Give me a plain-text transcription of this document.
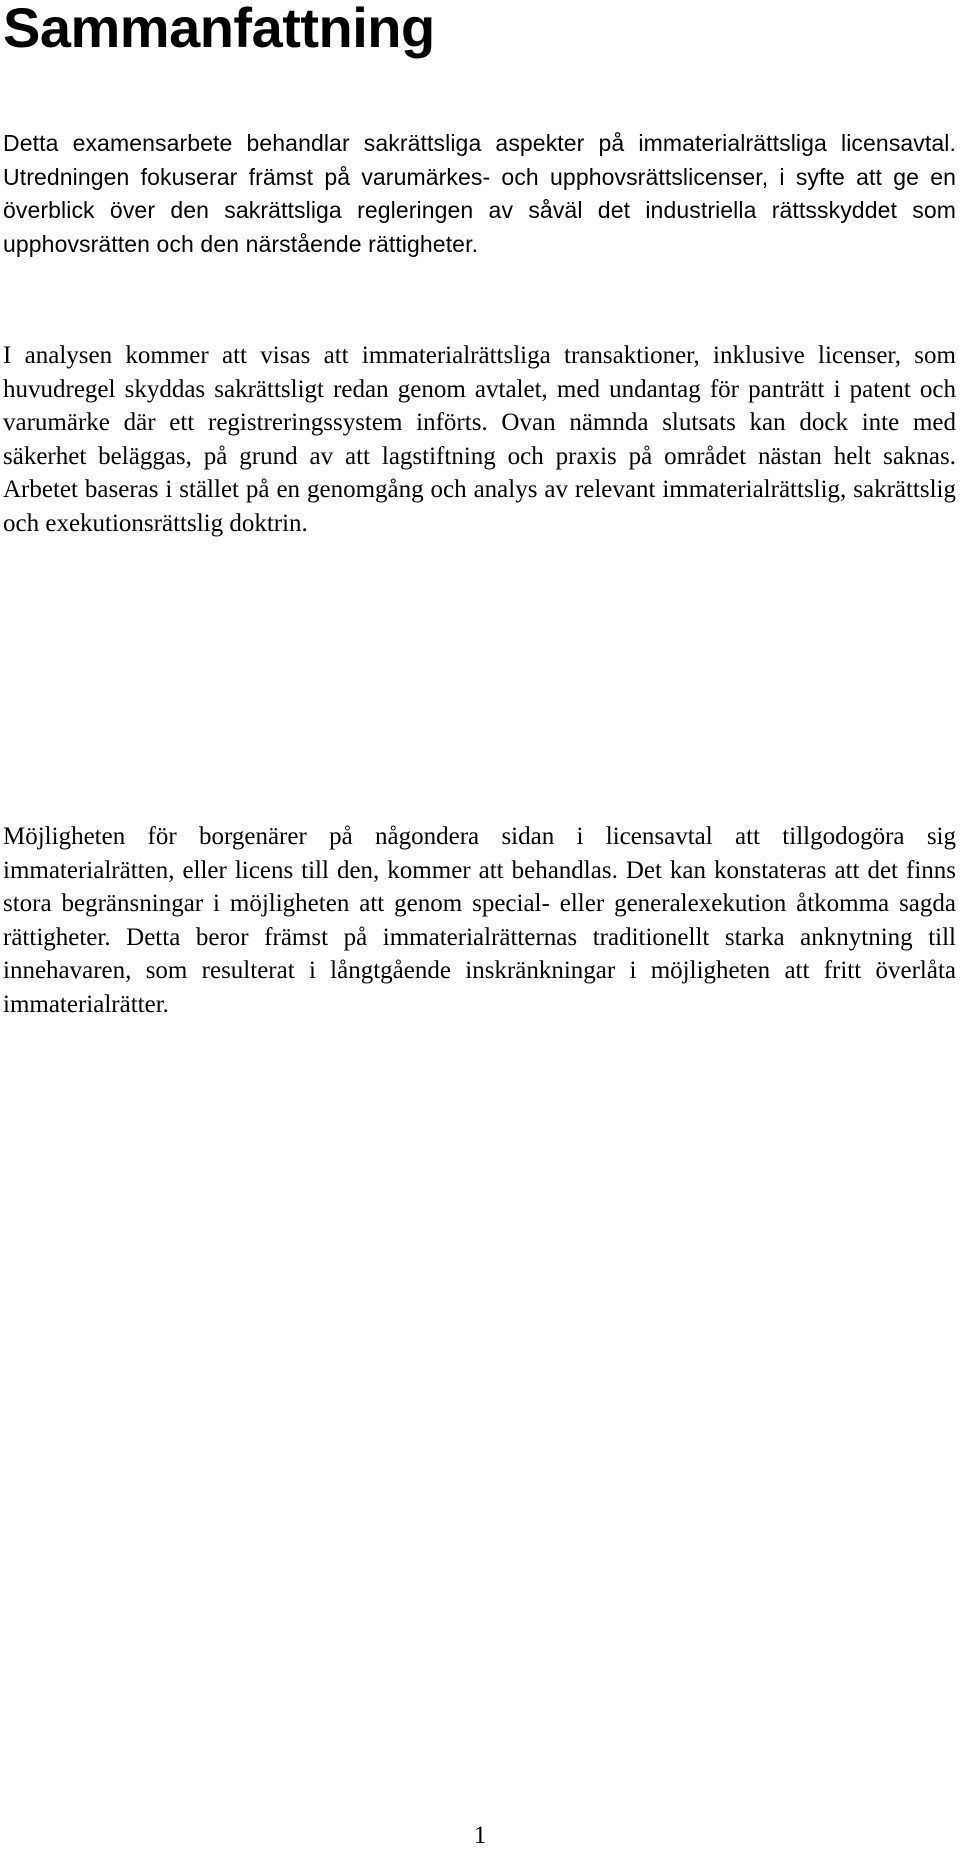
Sammanfattning

Detta examensarbete behandlar sakrättsliga aspekter på immaterialrättsliga licensavtal. Utredningen fokuserar främst på varumärkes- och upphovsrättslicenser, i syfte att ge en överblick över den sakrättsliga regleringen av såväl det industriella rättsskyddet som upphovsrätten och den närstående rättigheter.

I analysen kommer att visas att immaterialrättsliga transaktioner, inklusive licenser, som huvudregel skyddas sakrättsligt redan genom avtalet, med undantag för panträtt i patent och varumärke där ett registreringssystem införts. Ovan nämnda slutsats kan dock inte med säkerhet beläggas, på grund av att lagstiftning och praxis på området nästan helt saknas. Arbetet baseras i stället på en genomgång och analys av relevant immaterialrättslig, sakrättslig och exekutionsrättslig doktrin.

Möjligheten för borgenärer på någondera sidan i licensavtal att tillgodogöra sig immaterialrätten, eller licens till den, kommer att behandlas. Det kan konstateras att det finns stora begränsningar i möjligheten att genom special- eller generalexekution åtkomma sagda rättigheter. Detta beror främst på immaterialrätternas traditionellt starka anknytning till innehavaren, som resulterat i långtgående inskränkningar i möjligheten att fritt överlåta immaterialrätter.

1
